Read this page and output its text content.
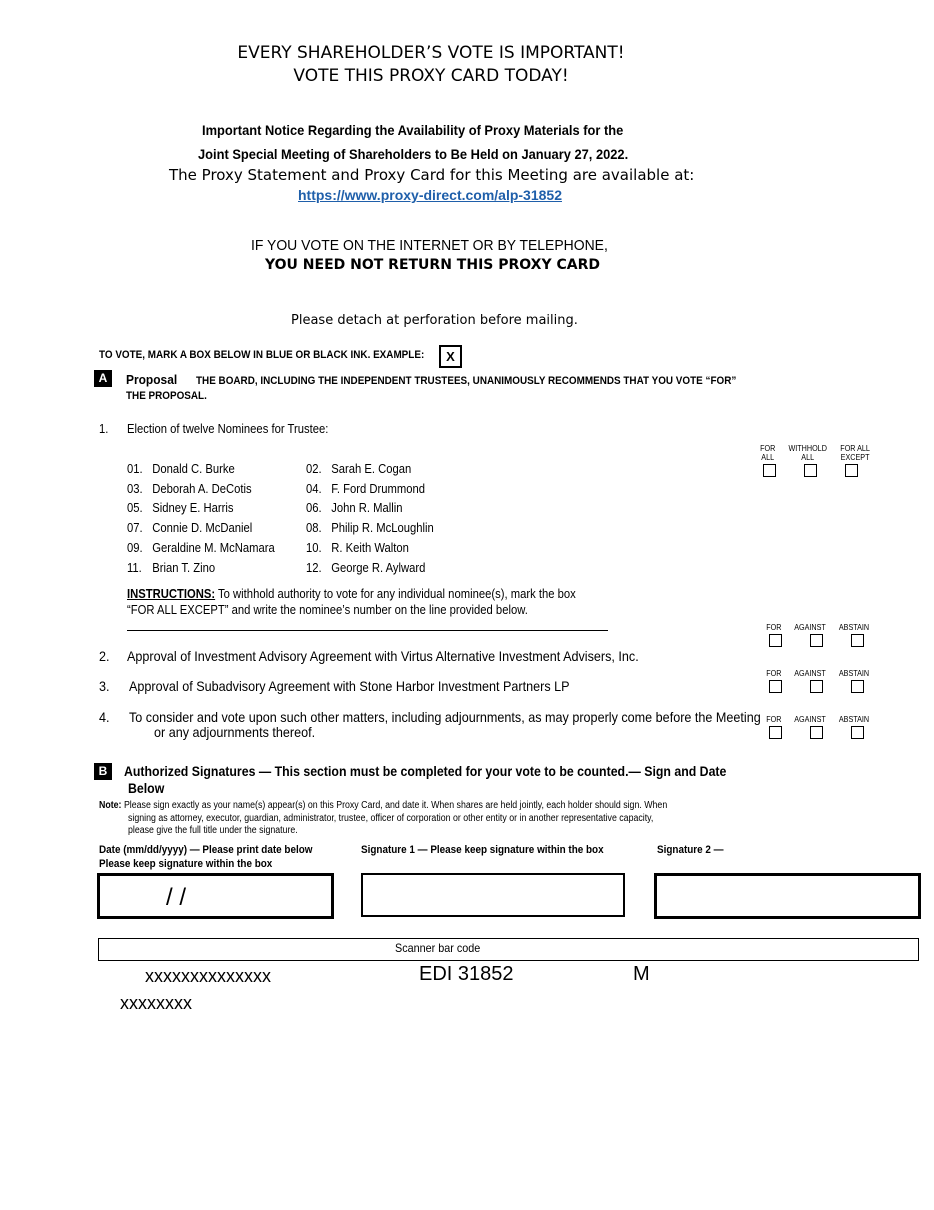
EVERY SHAREHOLDER’S VOTE IS IMPORTANT!
VOTE THIS PROXY CARD TODAY!
Important Notice Regarding the Availability of Proxy Materials for the
Joint Special Meeting of Shareholders to Be Held on January 27, 2022.
The Proxy Statement and Proxy Card for this Meeting are available at:
https://www.proxy-direct.com/alp-31852
IF YOU VOTE ON THE INTERNET OR BY TELEPHONE,
YOU NEED NOT RETURN THIS PROXY CARD
Please detach at perforation before mailing.
TO VOTE, MARK A BOX BELOW IN BLUE OR BLACK INK. EXAMPLE:	X
A	Proposal THE BOARD, INCLUDING THE INDEPENDENT TRUSTEES, UNANIMOUSLY RECOMMENDS THAT YOU VOTE “FOR”
THE PROPOSAL.
1. Election of twelve Nominees for Trustee:
FOR
ALL
WITHHOLD
ALL
FOR ALL
EXCEPT
01. Donald C. Burke	02. Sarah E. Cogan
03. Deborah A. DeCotis	04. F. Ford Drummond
05. Sidney E. Harris	06. John R. Mallin
07. Connie D. McDaniel	08. Philip R. McLoughlin
09. Geraldine M. McNamara	10. R. Keith Walton
11. Brian T. Zino	12. George R. Aylward
INSTRUCTIONS: To withhold authority to vote for any individual nominee(s), mark the box
“FOR ALL EXCEPT” and write the nominee’s number on the line provided below.
FOR	AGAINST	ABSTAIN
2. Approval of Investment Advisory Agreement with Virtus Alternative Investment Advisers, Inc.
FOR	AGAINST	ABSTAIN
3. Approval of Subadvisory Agreement with Stone Harbor Investment Partners LP
FOR	AGAINST	ABSTAIN
4. To consider and vote upon such other matters, including adjournments, as may properly come before the Meeting
or any adjournments thereof.
B	Authorized Signatures — This section must be completed for your vote to be counted.— Sign and Date
Below
Note: Please sign exactly as your name(s) appear(s) on this Proxy Card, and date it. When shares are held jointly, each holder should sign. When
signing as attorney, executor, guardian, administrator, trustee, officer of corporation or other entity or in another representative capacity,
please give the full title under the signature.
Date (mm/dd/yyyy) — Please print date below
Please keep signature within the box
Signature 1 — Please keep signature within the box	Signature 2 —
/ /
Scanner bar code
xxxxxxxxxxxxxx	EDI 31852	M
xxxxxxxx
